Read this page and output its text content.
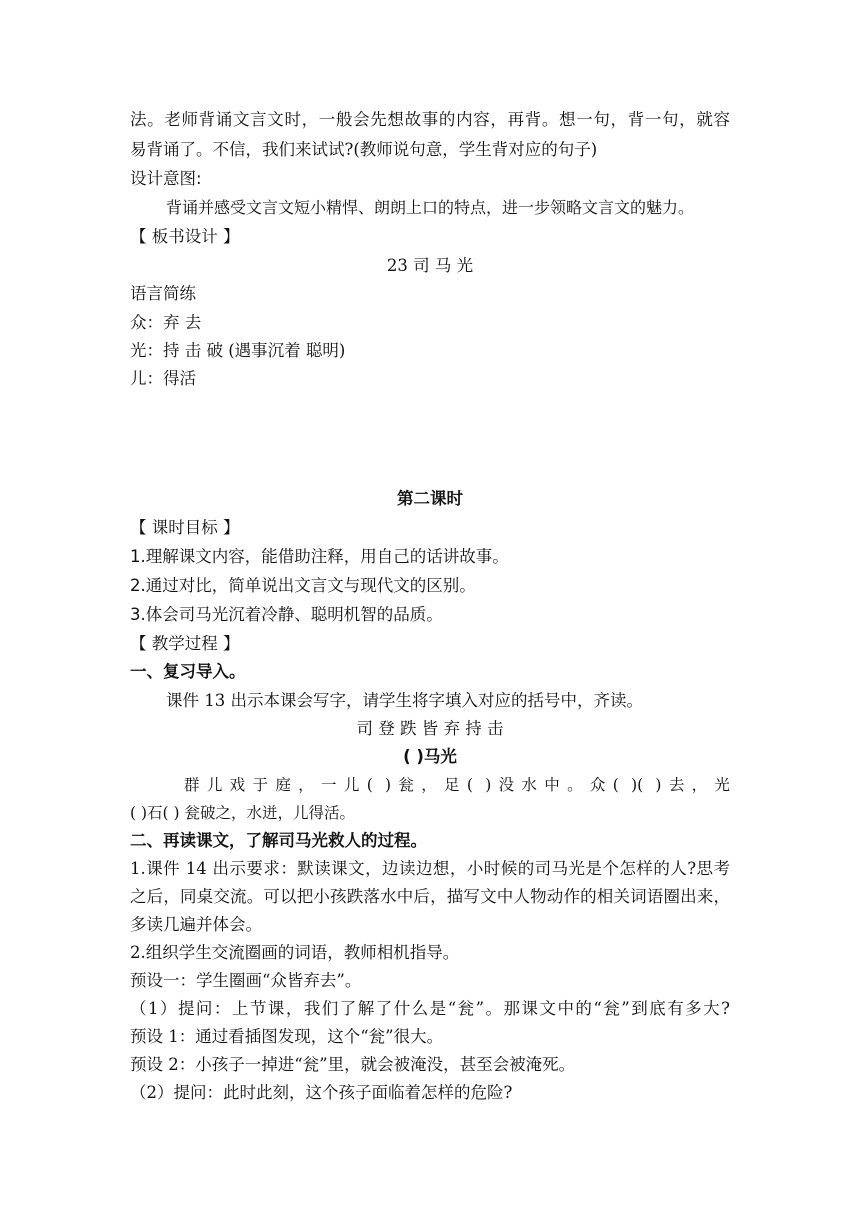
法。老师背诵文言文时，一般会先想故事的内容，再背。想一句，背一句，就容
易背诵了。不信，我们来试试?(教师说句意，学生背对应的句子)
设计意图:
背诵并感受文言文短小精悍、朗朗上口的特点，进一步领略文言文的魅力。
【 板书设计 】
23 司 马 光
语言简练
众：弃 去
光：持 击 破 (遇事沉着 聪明)
儿：得活
第二课时
【 课时目标 】
1.理解课文内容，能借助注释，用自己的话讲故事。
2.通过对比，简单说出文言文与现代文的区别。
3.体会司马光沉着冷静、聪明机智的品质。
【 教学过程 】
一、复习导入。
课件 13 出示本课会写字，请学生将字填入对应的括号中，齐读。
司 登 跌 皆 弃 持 击
( )马光
群儿戏于庭，一儿( )瓮，足( )没水中。众( )( )去，光
( )石( ) 瓮破之，水迸，儿得活。
二、再读课文，了解司马光救人的过程。
1.课件 14 出示要求：默读课文，边读边想，小时候的司马光是个怎样的人?思考
之后，同桌交流。可以把小孩跌落水中后，描写文中人物动作的相关词语圈出来，
多读几遍并体会。
2.组织学生交流圈画的词语，教师相机指导。
预设一：学生圈画“众皆弃去”。
（1）提问：上节课，我们了解了什么是“瓮”。那课文中的“瓮”到底有多大?
预设 1：通过看插图发现，这个“瓮”很大。
预设 2：小孩子一掉进“瓮”里，就会被淹没，甚至会被淹死。
（2）提问：此时此刻，这个孩子面临着怎样的危险?
